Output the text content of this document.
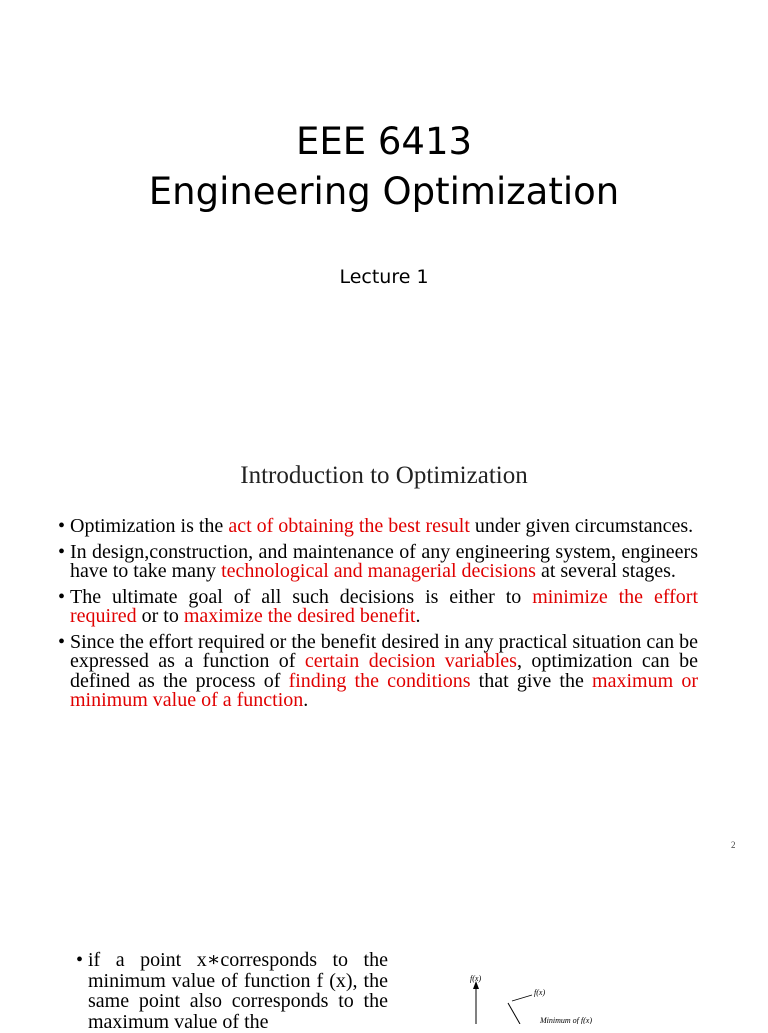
EEE 6413
Engineering Optimization
Lecture 1
Introduction to Optimization
• Optimization is the act of obtaining the best result under given circumstances.
• In design,construction, and maintenance of any engineering system, engineers have to take many technological and managerial decisions at several stages.
• The ultimate goal of all such decisions is either to minimize the effort required or to maximize the desired benefit.
• Since the effort required or the benefit desired in any practical situation can be expressed as a function of certain decision variables, optimization can be defined as the process of finding the conditions that give the maximum or minimum value of a function.
2
• if a point x∗corresponds to the minimum value of function f (x), the same point also corresponds to the maximum value of the
f(x)
f(x)
Minimum of f(x)
